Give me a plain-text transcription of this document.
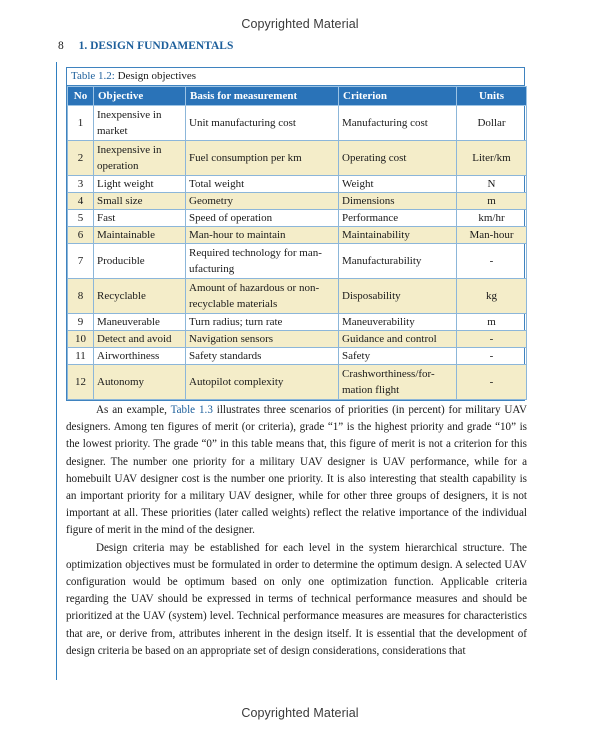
Copyrighted Material
8 1. DESIGN FUNDAMENTALS
Table 1.2: Design objectives
No	Objective	Basis for measurement	Criterion	Units
1	Inexpensive in market	Unit manufacturing cost	Manufacturing cost	Dollar
2	Inexpensive in operation	Fuel consumption per km	Operating cost	Liter/km
3	Light weight	Total weight	Weight	N
4	Small size	Geometry	Dimensions	m
5	Fast	Speed of operation	Performance	km/hr
6	Maintainable	Man-hour to maintain	Maintainability	Man-hour
7	Producible	Required technology for man-ufacturing	Manufacturability	-
8	Recyclable	Amount of hazardous or non-recyclable materials	Disposability	kg
9	Maneuverable	Turn radius; turn rate	Maneuverability	m
10	Detect and avoid	Navigation sensors	Guidance and control	-
11	Airworthiness	Safety standards	Safety	-
12	Autonomy	Autopilot complexity	Crashworthiness/for-mation flight	-

As an example, Table 1.3 illustrates three scenarios of priorities (in percent) for military UAV designers. Among ten figures of merit (or criteria), grade “1” is the highest priority and grade “10” is the lowest priority. The grade “0” in this table means that, this figure of merit is not a criterion for this designer. The number one priority for a military UAV designer is UAV performance, while for a homebuilt UAV designer cost is the number one priority. It is also interesting that stealth capability is an important priority for a military UAV designer, while for other three groups of designers, it is not important at all. These priorities (later called weights) reflect the relative importance of the individual figure of merit in the mind of the designer.

Design criteria may be established for each level in the system hierarchical structure. The optimization objectives must be formulated in order to determine the optimum design. A selected UAV configuration would be optimum based on only one optimization function. Applicable criteria regarding the UAV should be expressed in terms of technical performance measures and should be prioritized at the UAV (system) level. Technical performance measures are measures for characteristics that are, or derive from, attributes inherent in the design itself. It is essential that the development of design criteria be based on an appropriate set of design considerations, considerations that

Copyrighted Material
